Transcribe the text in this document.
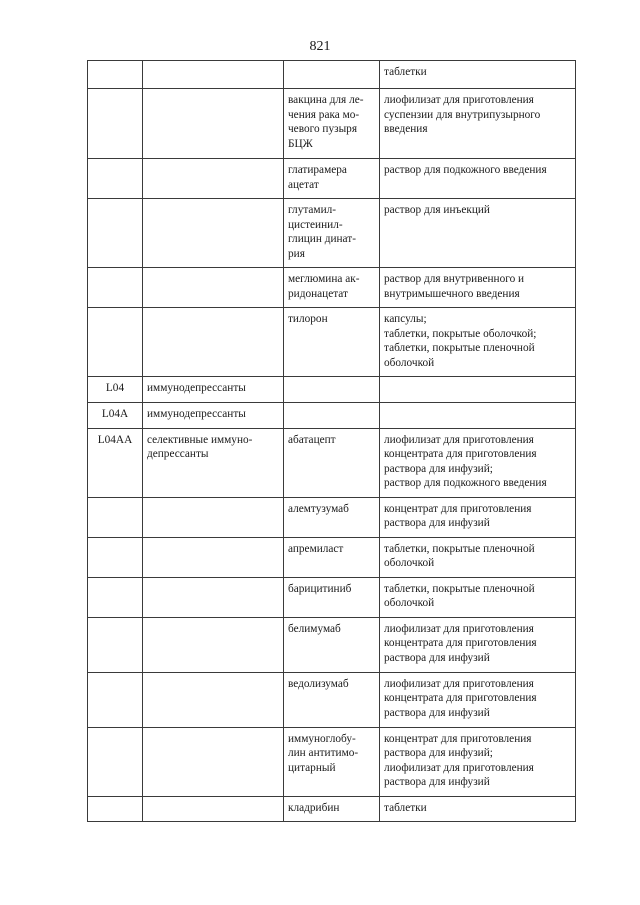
821

			таблетки

		вакцина для ле-
чения рака мо-
чевого пузыря
БЦЖ	лиофилизат для приготовления
суспензии для внутрипузырного
введения

		глатирамера
ацетат	раствор для подкожного введения

		глутамил-
цистеинил-
глицин динат-
рия	раствор для инъекций

		меглюмина ак-
ридонацетат	раствор для внутривенного и
внутримышечного введения

		тилорон	капсулы;
таблетки, покрытые оболочкой;
таблетки, покрытые пленочной
оболочкой

L04	иммунодепрессанты		
L04A	иммунодепрессанты		
L04AA	селективные иммуно-
депрессанты	абатацепт	лиофилизат для приготовления
концентрата для приготовления
раствора для инфузий;
раствор для подкожного введения

		алемтузумаб	концентрат для приготовления
раствора для инфузий

		апремиласт	таблетки, покрытые пленочной
оболочкой

		барицитиниб	таблетки, покрытые пленочной
оболочкой

		белимумаб	лиофилизат для приготовления
концентрата для приготовления
раствора для инфузий

		ведолизумаб	лиофилизат для приготовления
концентрата для приготовления
раствора для инфузий

		иммуноглобу-
лин антитимо-
цитарный	концентрат для приготовления
раствора для инфузий;
лиофилизат для приготовления
раствора для инфузий

		кладрибин	таблетки
